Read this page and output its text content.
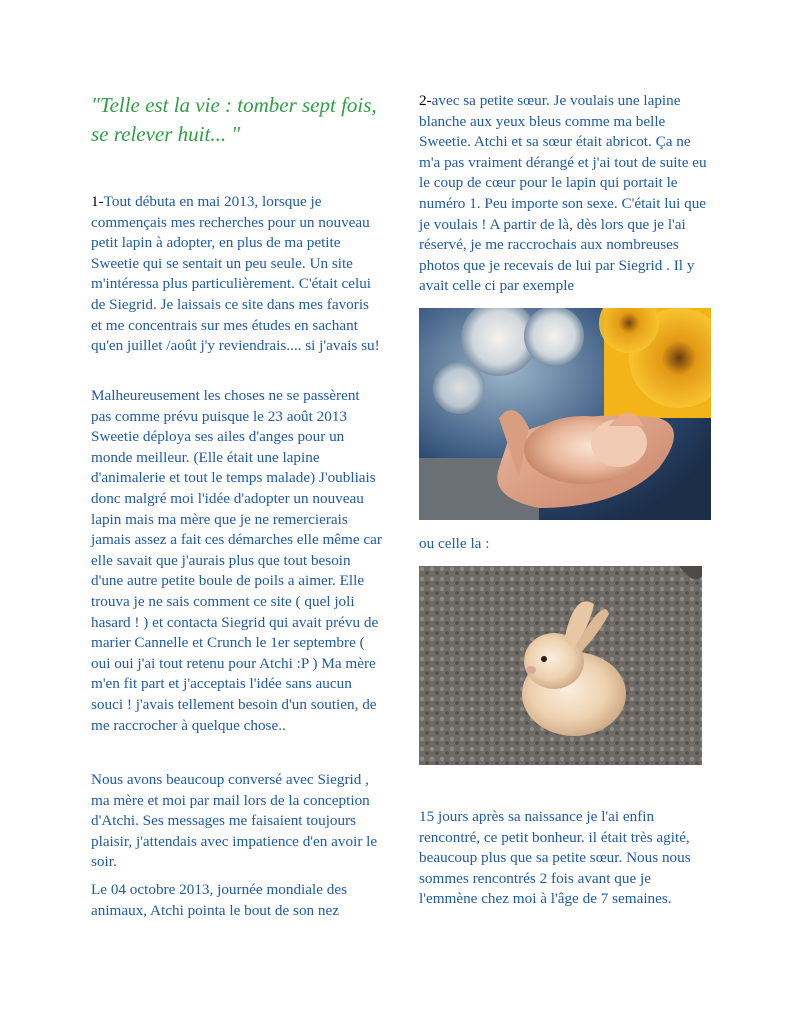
"Telle est la vie : tomber sept fois, se relever huit... "
1-Tout débuta en mai 2013, lorsque je commençais mes recherches pour un nouveau petit lapin à adopter, en plus de ma petite Sweetie qui se sentait un peu seule. Un site m'intéressa plus particulièrement. C'était celui de Siegrid. Je laissais ce site dans mes favoris et me concentrais sur mes études en sachant qu'en juillet /août j'y reviendrais.... si j'avais su!
Malheureusement les choses ne se passèrent pas comme prévu puisque le 23 août 2013 Sweetie déploya ses ailes d'anges pour un monde meilleur. (Elle était une lapine d'animalerie et tout le temps malade) J'oubliais donc malgré moi l'idée d'adopter un nouveau lapin mais ma mère que je ne remercierais jamais assez a fait ces démarches elle même car elle savait que j'aurais plus que tout besoin d'une autre petite boule de poils a aimer. Elle trouva je ne sais comment ce site ( quel joli hasard ! ) et contacta Siegrid qui avait prévu de marier Cannelle et Crunch le 1er septembre ( oui oui j'ai tout retenu pour Atchi :P ) Ma mère m'en fit part et j'acceptais l'idée sans aucun souci ! j'avais tellement besoin d'un soutien, de me raccrocher à quelque chose..
Nous avons beaucoup conversé avec Siegrid , ma mère et moi par mail lors de la conception d'Atchi. Ses messages me faisaient toujours plaisir, j'attendais avec impatience d'en avoir le soir.
Le 04 octobre 2013, journée mondiale des animaux, Atchi pointa le bout de son nez
2-avec sa petite sœur. Je voulais une lapine blanche aux yeux bleus comme ma belle Sweetie. Atchi et sa sœur était abricot. Ça ne m'a pas vraiment dérangé et j'ai tout de suite eu le coup de cœur pour le lapin qui portait le numéro 1. Peu importe son sexe. C'était lui que je voulais ! A partir de là, dès lors que je l'ai réservé, je me raccrochais aux nombreuses photos que je recevais de lui par Siegrid . Il y avait celle ci par exemple
ou celle la :
15 jours après sa naissance je l'ai enfin rencontré, ce petit bonheur. il était très agité, beaucoup plus que sa petite sœur. Nous nous sommes rencontrés 2 fois avant que je l'emmène chez moi à l'âge de 7 semaines.
